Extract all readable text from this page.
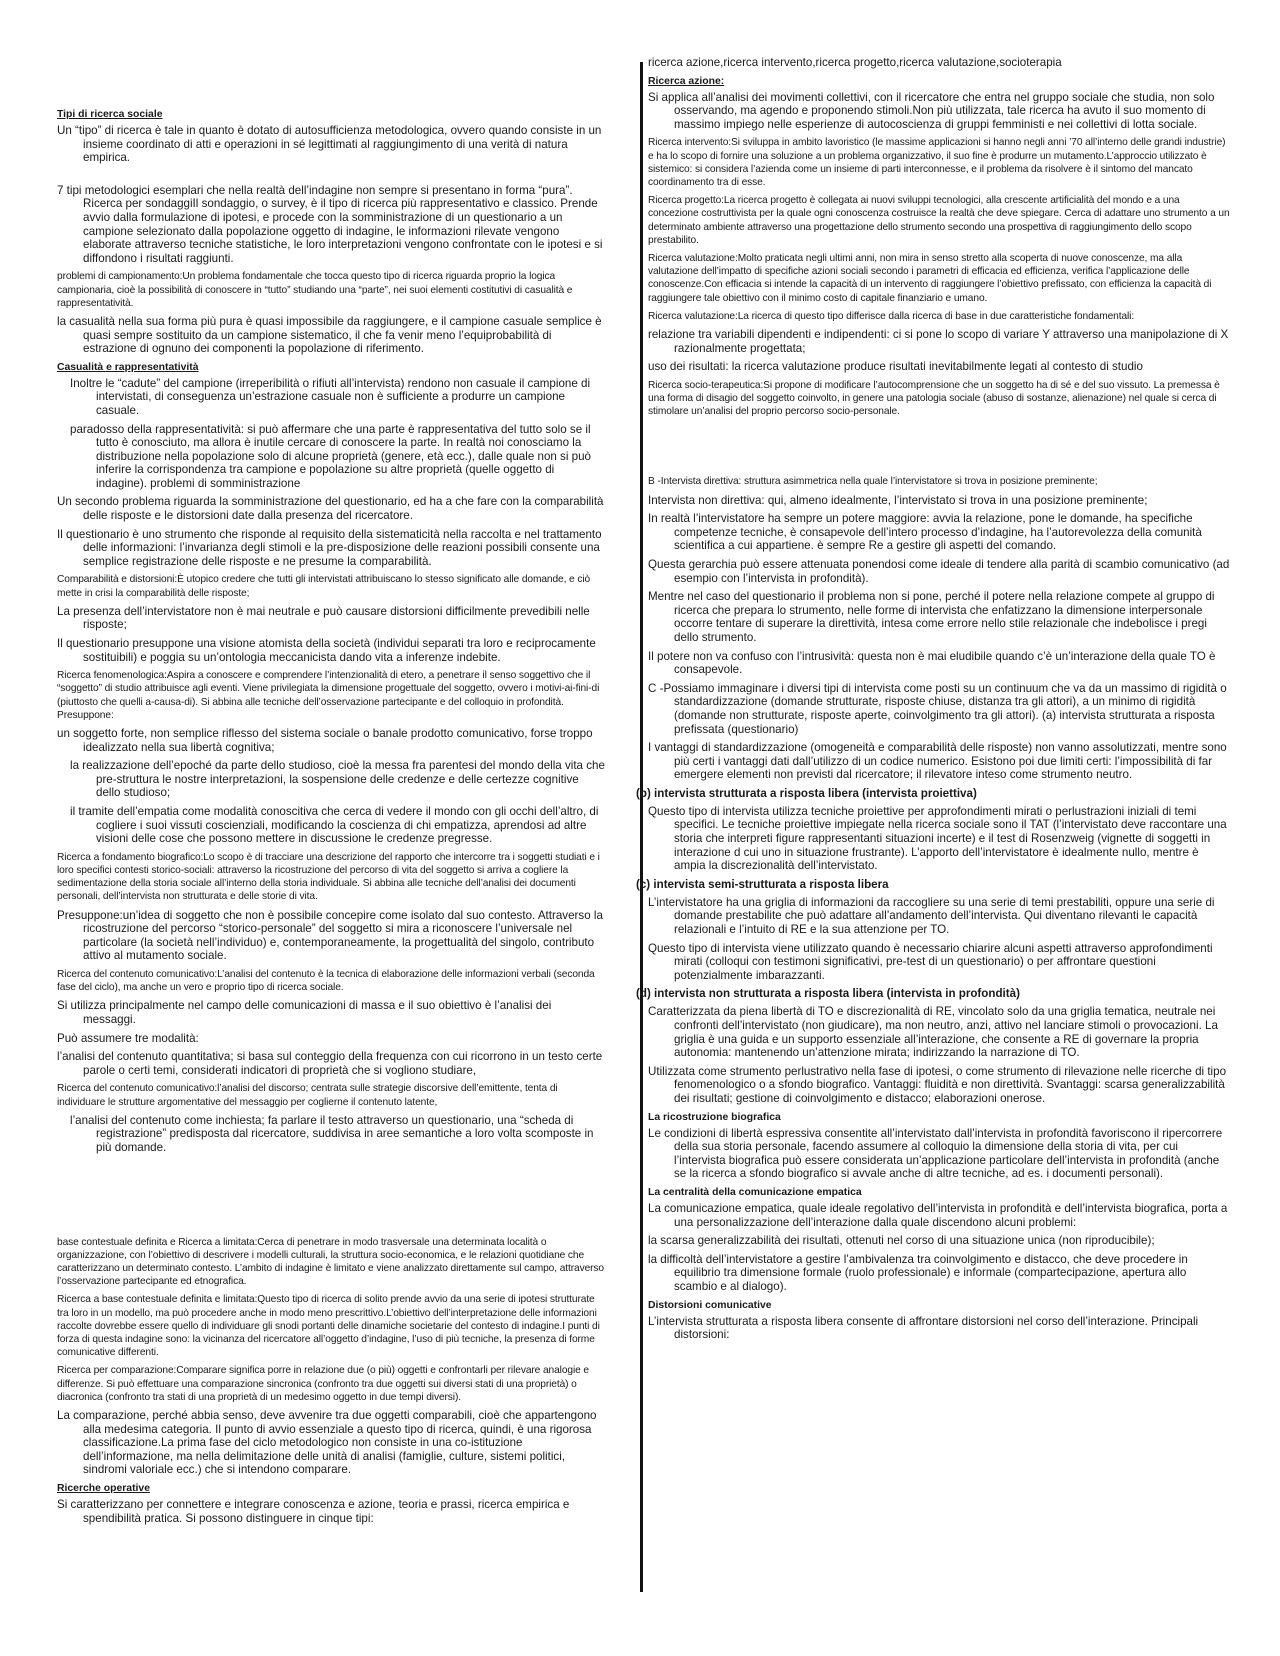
Tipi di ricerca sociale

Un “tipo” di ricerca è tale in quanto è dotato di autosufficienza metodologica, ovvero quando consiste in un insieme coordinato di atti e operazioni in sé legittimati al raggiungimento di una verità di natura empirica.

7 tipi metodologici esemplari che nella realtà dell’indagine non sempre si presentano in forma “pura”. Ricerca per sondaggiIl sondaggio, o survey, è il tipo di ricerca più rappresentativo e classico. Prende avvio dalla formulazione di ipotesi, e procede con la somministrazione di un questionario a un campione selezionato dalla popolazione oggetto di indagine, le informazioni rilevate vengono elaborate attraverso tecniche statistiche, le loro interpretazioni vengono confrontate con le ipotesi e si diffondono i risultati raggiunti.

problemi di campionamento:Un problema fondamentale che tocca questo tipo di ricerca riguarda proprio la logica campionaria, cioè la possibilità di conoscere in “tutto” studiando una “parte”, nei suoi elementi costitutivi di casualità e rappresentatività.

la casualità nella sua forma più pura è quasi impossibile da raggiungere, e il campione casuale semplice è quasi sempre sostituito da un campione sistematico, il che fa venir meno l’equiprobabilità di estrazione di ognuno dei componenti la popolazione di riferimento.

Casualità e rappresentatività

Inoltre le “cadute” del campione (irreperibilità o rifiuti all’intervista) rendono non casuale il campione di intervistati, di conseguenza un’estrazione casuale non è sufficiente a produrre un campione casuale.

paradosso della rappresentatività: si può affermare che una parte è rappresentativa del tutto solo se il tutto è conosciuto, ma allora è inutile cercare di conoscere la parte. In realtà noi conosciamo la distribuzione nella popolazione solo di alcune proprietà (genere, età ecc.), dalle quale non si può inferire la corrispondenza tra campione e popolazione su altre proprietà (quelle oggetto di indagine). problemi di somministrazione

Un secondo problema riguarda la somministrazione del questionario, ed ha a che fare con la comparabilità delle risposte e le distorsioni date dalla presenza del ricercatore.

Il questionario è uno strumento che risponde al requisito della sistematicità nella raccolta e nel trattamento delle informazioni: l’invarianza degli stimoli e la pre-disposizione delle reazioni possibili consente una semplice registrazione delle risposte e ne presume la comparabilità.

Comparabilità e distorsioni:È utopico credere che tutti gli intervistati attribuiscano lo stesso significato alle domande, e ciò mette in crisi la comparabilità delle risposte;

La presenza dell’intervistatore non è mai neutrale e può causare distorsioni difficilmente prevedibili nelle risposte;

Il questionario presuppone una visione atomista della società (individui separati tra loro e reciprocamente sostituibili) e poggia su un’ontologia meccanicista dando vita a inferenze indebite.

Ricerca fenomenologica:Aspira a conoscere e comprendere l’intenzionalità di etero, a penetrare il senso soggettivo che il “soggetto” di studio attribuisce agli eventi. Viene privilegiata la dimensione progettuale del soggetto, ovvero i motivi-ai-fini-di (piuttosto che quelli a-causa-di). Si abbina alle tecniche dell’osservazione partecipante e del colloquio in profondità. Presuppone:

un soggetto forte, non semplice riflesso del sistema sociale o banale prodotto comunicativo, forse troppo idealizzato nella sua libertà cognitiva;

la realizzazione dell’epoché da parte dello studioso, cioè la messa fra parentesi del mondo della vita che pre-struttura le nostre interpretazioni, la sospensione delle credenze e delle certezze cognitive dello studioso;

il tramite dell’empatia come modalità conoscitiva che cerca di vedere il mondo con gli occhi dell’altro, di cogliere i suoi vissuti coscienziali, modificando la coscienza di chi empatizza, aprendosi ad altre visioni delle cose che possono mettere in discussione le credenze pregresse.

Ricerca a fondamento biografico:Lo scopo è di tracciare una descrizione del rapporto che intercorre tra i soggetti studiati e i loro specifici contesti storico-sociali: attraverso la ricostruzione del percorso di vita del soggetto si arriva a cogliere la sedimentazione della storia sociale all’interno della storia individuale. Si abbina alle tecniche dell’analisi dei documenti personali, dell’intervista non strutturata e delle storie di vita.

Presuppone:un’idea di soggetto che non è possibile concepire come isolato dal suo contesto. Attraverso la ricostruzione del percorso “storico-personale” del soggetto si mira a riconoscere l’universale nel particolare (la società nell’individuo) e, contemporaneamente, la progettualità del singolo, contributo attivo al mutamento sociale.

Ricerca del contenuto comunicativo:L’analisi del contenuto è la tecnica di elaborazione delle informazioni verbali (seconda fase del ciclo), ma anche un vero e proprio tipo di ricerca sociale.

Si utilizza principalmente nel campo delle comunicazioni di massa e il suo obiettivo è l’analisi dei messaggi.

Può assumere tre modalità:

l’analisi del contenuto quantitativa; si basa sul conteggio della frequenza con cui ricorrono in un testo certe parole o certi temi, considerati indicatori di proprietà che si vogliono studiare,

Ricerca del contenuto comunicativo:l’analisi del discorso; centrata sulle strategie discorsive dell’emittente, tenta di individuare le strutture argomentative del messaggio per coglierne il contenuto latente,

l’analisi del contenuto come inchiesta; fa parlare il testo attraverso un questionario, una “scheda di registrazione” predisposta dal ricercatore, suddivisa in aree semantiche a loro volta scomposte in più domande.

base contestuale definita e Ricerca a limitata:Cerca di penetrare in modo trasversale una determinata località o organizzazione, con l’obiettivo di descrivere i modelli culturali, la struttura socio-economica, e le relazioni quotidiane che caratterizzano un determinato contesto. L’ambito di indagine è limitato e viene analizzato direttamente sul campo, attraverso l’osservazione partecipante ed etnografica.

Ricerca a base contestuale definita e limitata:Questo tipo di ricerca di solito prende avvio da una serie di ipotesi strutturate tra loro in un modello, ma può procedere anche in modo meno prescrittivo.L’obiettivo dell’interpretazione delle informazioni raccolte dovrebbe essere quello di individuare gli snodi portanti delle dinamiche societarie del contesto di indagine.I punti di forza di questa indagine sono: la vicinanza del ricercatore all’oggetto d’indagine, l’uso di più tecniche, la presenza di forme comunicative differenti.

Ricerca per comparazione:Comparare significa porre in relazione due (o più) oggetti e confrontarli per rilevare analogie e differenze. Si può effettuare una comparazione sincronica (confronto tra due oggetti sui diversi stati di una proprietà) o diacronica (confronto tra stati di una proprietà di un medesimo oggetto in due tempi diversi).

La comparazione, perché abbia senso, deve avvenire tra due oggetti comparabili, cioè che appartengono alla medesima categoria. Il punto di avvio essenziale a questo tipo di ricerca, quindi, è una rigorosa classificazione.La prima fase del ciclo metodologico non consiste in una co-istituzione dell’informazione, ma nella delimitazione delle unità di analisi (famiglie, culture, sistemi politici, sindromi valoriale ecc.) che si intendono comparare.

Ricerche operative

Si caratterizzano per connettere e integrare conoscenza e azione, teoria e prassi, ricerca empirica e spendibilità pratica. Si possono distinguere in cinque tipi:

ricerca azione,ricerca intervento,ricerca progetto,ricerca valutazione,socioterapia

Ricerca azione:

Si applica all’analisi dei movimenti collettivi, con il ricercatore che entra nel gruppo sociale che studia, non solo osservando, ma agendo e proponendo stimoli.Non più utilizzata, tale ricerca ha avuto il suo momento di massimo impiego nelle esperienze di autocoscienza di gruppi femministi e nei collettivi di lotta sociale.

Ricerca intervento:Si sviluppa in ambito lavoristico (le massime applicazioni si hanno negli anni ’70 all’interno delle grandi industrie) e ha lo scopo di fornire una soluzione a un problema organizzativo, il suo fine è produrre un mutamento.L’approccio utilizzato è sistemico: si considera l’azienda come un insieme di parti interconnesse, e il problema da risolvere è il sintomo del mancato coordinamento tra di esse.

Ricerca progetto:La ricerca progetto è collegata ai nuovi sviluppi tecnologici, alla crescente artificialità del mondo e a una concezione costruttivista per la quale ogni conoscenza costruisce la realtà che deve spiegare. Cerca di adattare uno strumento a un determinato ambiente attraverso una progettazione dello strumento secondo una prospettiva di raggiungimento dello scopo prestabilito.

Ricerca valutazione:Molto praticata negli ultimi anni, non mira in senso stretto alla scoperta di nuove conoscenze, ma alla valutazione dell’impatto di specifiche azioni sociali secondo i parametri di efficacia ed efficienza, verifica l’applicazione delle conoscenze.Con efficacia si intende la capacità di un intervento di raggiungere l’obiettivo prefissato, con efficienza la capacità di raggiungere tale obiettivo con il minimo costo di capitale finanziario e umano.

Ricerca valutazione:La ricerca di questo tipo differisce dalla ricerca di base in due caratteristiche fondamentali:

relazione tra variabili dipendenti e indipendenti: ci si pone lo scopo di variare Y attraverso una manipolazione di X razionalmente progettata;

uso dei risultati: la ricerca valutazione produce risultati inevitabilmente legati al contesto di studio

Ricerca socio-terapeutica:Si propone di modificare l’autocomprensione che un soggetto ha di sé e del suo vissuto. La premessa è una forma di disagio del soggetto coinvolto, in genere una patologia sociale (abuso di sostanze, alienazione) nel quale si cerca di stimolare un’analisi del proprio percorso socio-personale.

B -Intervista direttiva: struttura asimmetrica nella quale l’intervistatore si trova in posizione preminente;

Intervista non direttiva: qui, almeno idealmente, l’intervistato si trova in una posizione preminente;

In realtà l’intervistatore ha sempre un potere maggiore: avvia la relazione, pone le domande, ha specifiche competenze tecniche, è consapevole dell’intero processo d’indagine, ha l’autorevolezza della comunità scientifica a cui appartiene. è sempre Re a gestire gli aspetti del comando.

Questa gerarchia può essere attenuata ponendosi come ideale di tendere alla parità di scambio comunicativo (ad esempio con l’intervista in profondità).

Mentre nel caso del questionario il problema non si pone, perché il potere nella relazione compete al gruppo di ricerca che prepara lo strumento, nelle forme di intervista che enfatizzano la dimensione interpersonale occorre tentare di superare la direttività, intesa come errore nello stile relazionale che indebolisce i pregi dello strumento.

Il potere non va confuso con l’intrusività: questa non è mai eludibile quando c’è un’interazione della quale TO è consapevole.

C -Possiamo immaginare i diversi tipi di intervista come posti su un continuum che va da un massimo di rigidità o standardizzazione (domande strutturate, risposte chiuse, distanza tra gli attori), a un minimo di rigidità (domande non strutturate, risposte aperte, coinvolgimento tra gli attori). (a) intervista strutturata a risposta prefissata (questionario)

I vantaggi di standardizzazione (omogeneità e comparabilità delle risposte) non vanno assolutizzati, mentre sono più certi i vantaggi dati dall’utilizzo di un codice numerico. Esistono poi due limiti certi: l’impossibilità di far emergere elementi non previsti dal ricercatore; il rilevatore inteso come strumento neutro.

(b) intervista strutturata a risposta libera (intervista proiettiva)

Questo tipo di intervista utilizza tecniche proiettive per approfondimenti mirati o perlustrazioni iniziali di temi specifici. Le tecniche proiettive impiegate nella ricerca sociale sono il TAT (l’intervistato deve raccontare una storia che interpreti figure rappresentanti situazioni incerte) e il test di Rosenzweig (vignette di soggetti in interazione d cui uno in situazione frustrante). L’apporto dell’intervistatore è idealmente nullo, mentre è ampia la discrezionalità dell’intervistato.

(c) intervista semi-strutturata a risposta libera

L’intervistatore ha una griglia di informazioni da raccogliere su una serie di temi prestabiliti, oppure una serie di domande prestabilite che può adattare all’andamento dell’intervista. Qui diventano rilevanti le capacità relazionali e l’intuito di RE e la sua attenzione per TO.

Questo tipo di intervista viene utilizzato quando è necessario chiarire alcuni aspetti attraverso approfondimenti mirati (colloqui con testimoni significativi, pre-test di un questionario) o per affrontare questioni potenzialmente imbarazzanti.

(d) intervista non strutturata a risposta libera (intervista in profondità)

Caratterizzata da piena libertà di TO e discrezionalità di RE, vincolato solo da una griglia tematica, neutrale nei confronti dell’intervistato (non giudicare), ma non neutro, anzi, attivo nel lanciare stimoli o provocazioni. La griglia è una guida e un supporto essenziale all’interazione, che consente a RE di governare la propria autonomia: mantenendo un’attenzione mirata; indirizzando la narrazione di TO.

Utilizzata come strumento perlustrativo nella fase di ipotesi, o come strumento di rilevazione nelle ricerche di tipo fenomenologico o a sfondo biografico. Vantaggi: fluidità e non direttività. Svantaggi: scarsa generalizzabilità dei risultati; gestione di coinvolgimento e distacco; elaborazioni onerose.

La ricostruzione biografica

Le condizioni di libertà espressiva consentite all’intervistato dall’intervista in profondità favoriscono il ripercorrere della sua storia personale, facendo assumere al colloquio la dimensione della storia di vita, per cui l’intervista biografica può essere considerata un’applicazione particolare dell’intervista in profondità (anche se la ricerca a sfondo biografico si avvale anche di altre tecniche, ad es. i documenti personali).

La centralità della comunicazione empatica

La comunicazione empatica, quale ideale regolativo dell’intervista in profondità e dell’intervista biografica, porta a una personalizzazione dell’interazione dalla quale discendono alcuni problemi:

la scarsa generalizzabilità dei risultati, ottenuti nel corso di una situazione unica (non riproducibile);

la difficoltà dell’intervistatore a gestire l’ambivalenza tra coinvolgimento e distacco, che deve procedere in equilibrio tra dimensione formale (ruolo professionale) e informale (compartecipazione, apertura allo scambio e al dialogo).

Distorsioni comunicative

L’intervista strutturata a risposta libera consente di affrontare distorsioni nel corso dell’interazione. Principali distorsioni:
